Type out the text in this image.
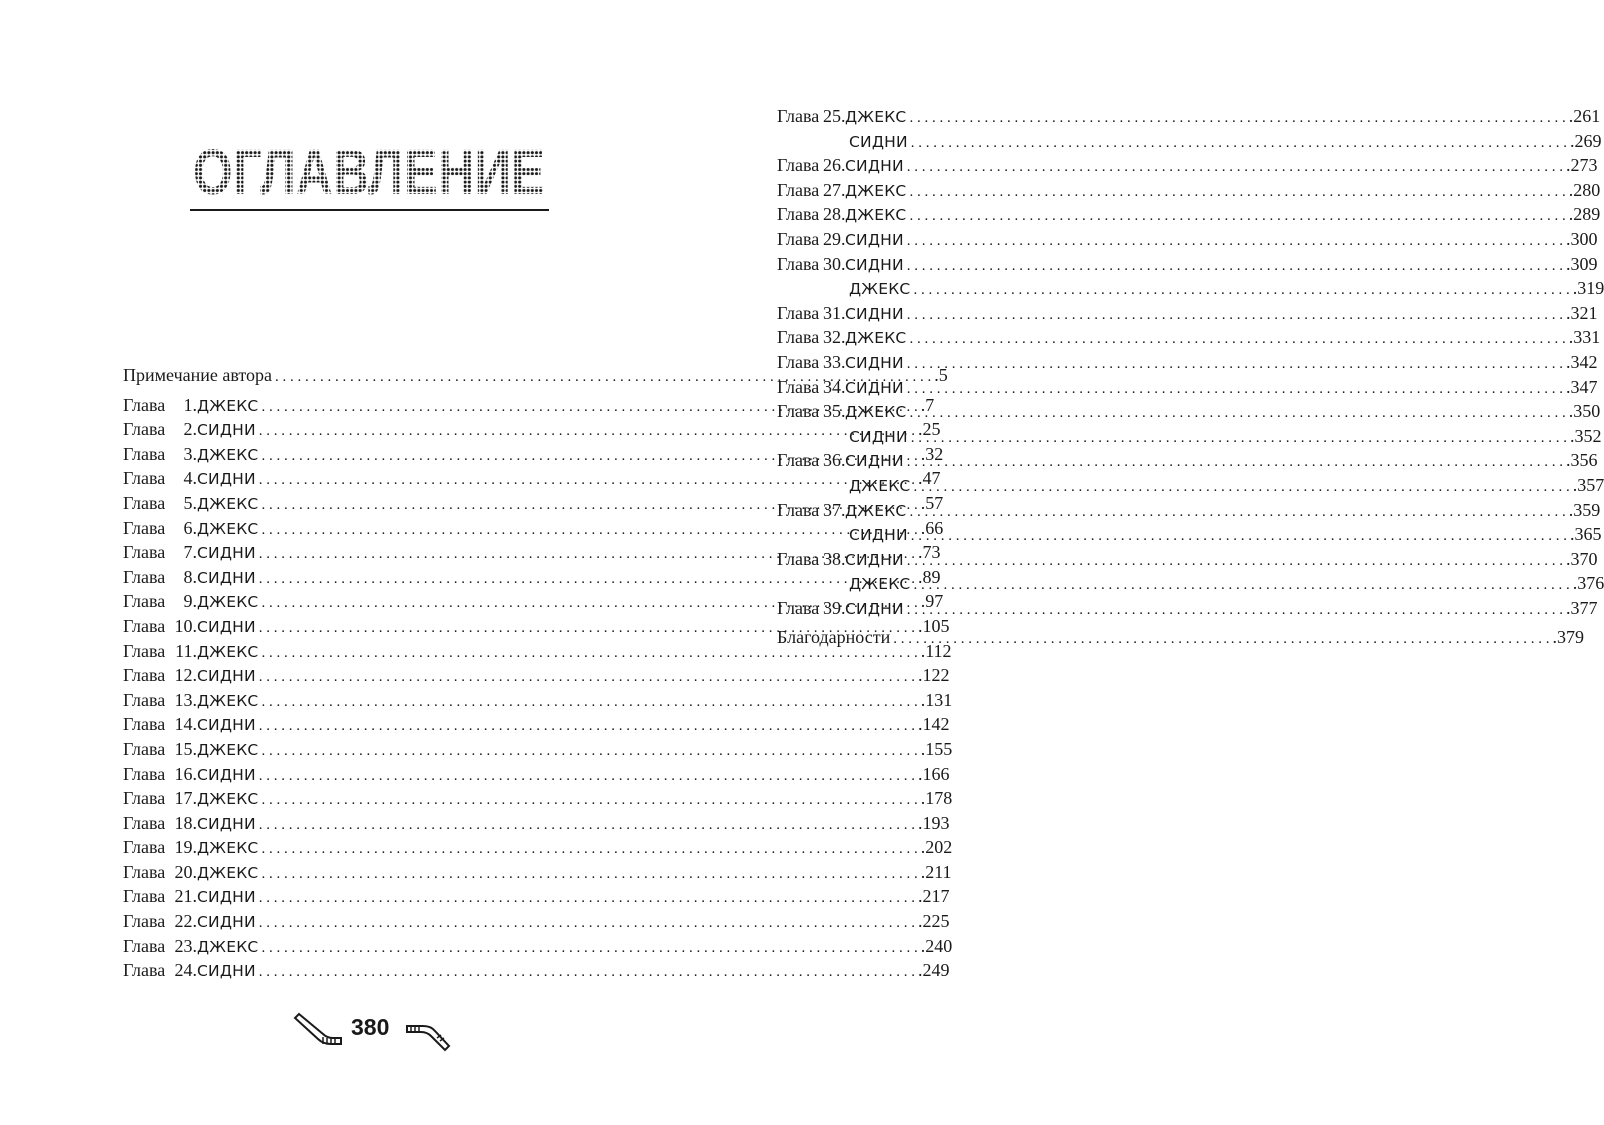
Примечание автора . . .	.5
Глава	1. ДЖЕКС . . .	.7
Глава	2. СИДНИ . . .	.25
Глава	3. ДЖЕКС . . .	.32
Глава	4. СИДНИ . . .	.47
Глава	5. ДЖЕКС . . .	.57
Глава	6. ДЖЕКС . . .	.66
Глава	7. СИДНИ . . .	.73
Глава	8. СИДНИ . . .	.89
Глава	9. ДЖЕКС . . .	.97
Глава 10. СИДНИ . . .	.105
Глава 11. ДЖЕКС . . .	.112
Глава 12. СИДНИ . . .	.122
Глава 13. ДЖЕКС . . .	.131
Глава 14. СИДНИ . . .	.142
Глава 15. ДЖЕКС . . .	.155
Глава 16. СИДНИ . . .	.166
Глава 17. ДЖЕКС . . .	.178
Глава 18. СИДНИ . . .	.193
Глава 19. ДЖЕКС . . .	.202
Глава 20. ДЖЕКС . . .	.211
Глава 21. СИДНИ . . .	.217
Глава 22. СИДНИ . . .	.225
Глава 23. ДЖЕКС . . .	.240
Глава 24. СИДНИ . . .	.249
Глава 25. ДЖЕКС . . .	.261
СИДНИ . . .	.269
Глава 26. СИДНИ . . .	.273
Глава 27. ДЖЕКС . . .	.280
Глава 28. ДЖЕКС . . .	.289
Глава 29. СИДНИ . . .	.300
Глава 30. СИДНИ . . .	.309
ДЖЕКС . . .	.319
Глава 31. СИДНИ . . .	.321
Глава 32. ДЖЕКС . . .	.331
Глава 33. СИДНИ . . .	.342
Глава 34. СИДНИ . . .	.347
Глава 35. ДЖЕКС . . .	.350
СИДНИ . . .	.352
Глава 36. СИДНИ . . .	.356
ДЖЕКС . . .	.357
Глава 37. ДЖЕКС . . .	.359
СИДНИ . . .	.365
Глава 38. СИДНИ . . .	.370
ДЖЕКС . . .	.376
Глава 39. СИДНИ . . .	.377
Благодарности . . .	.379
380
